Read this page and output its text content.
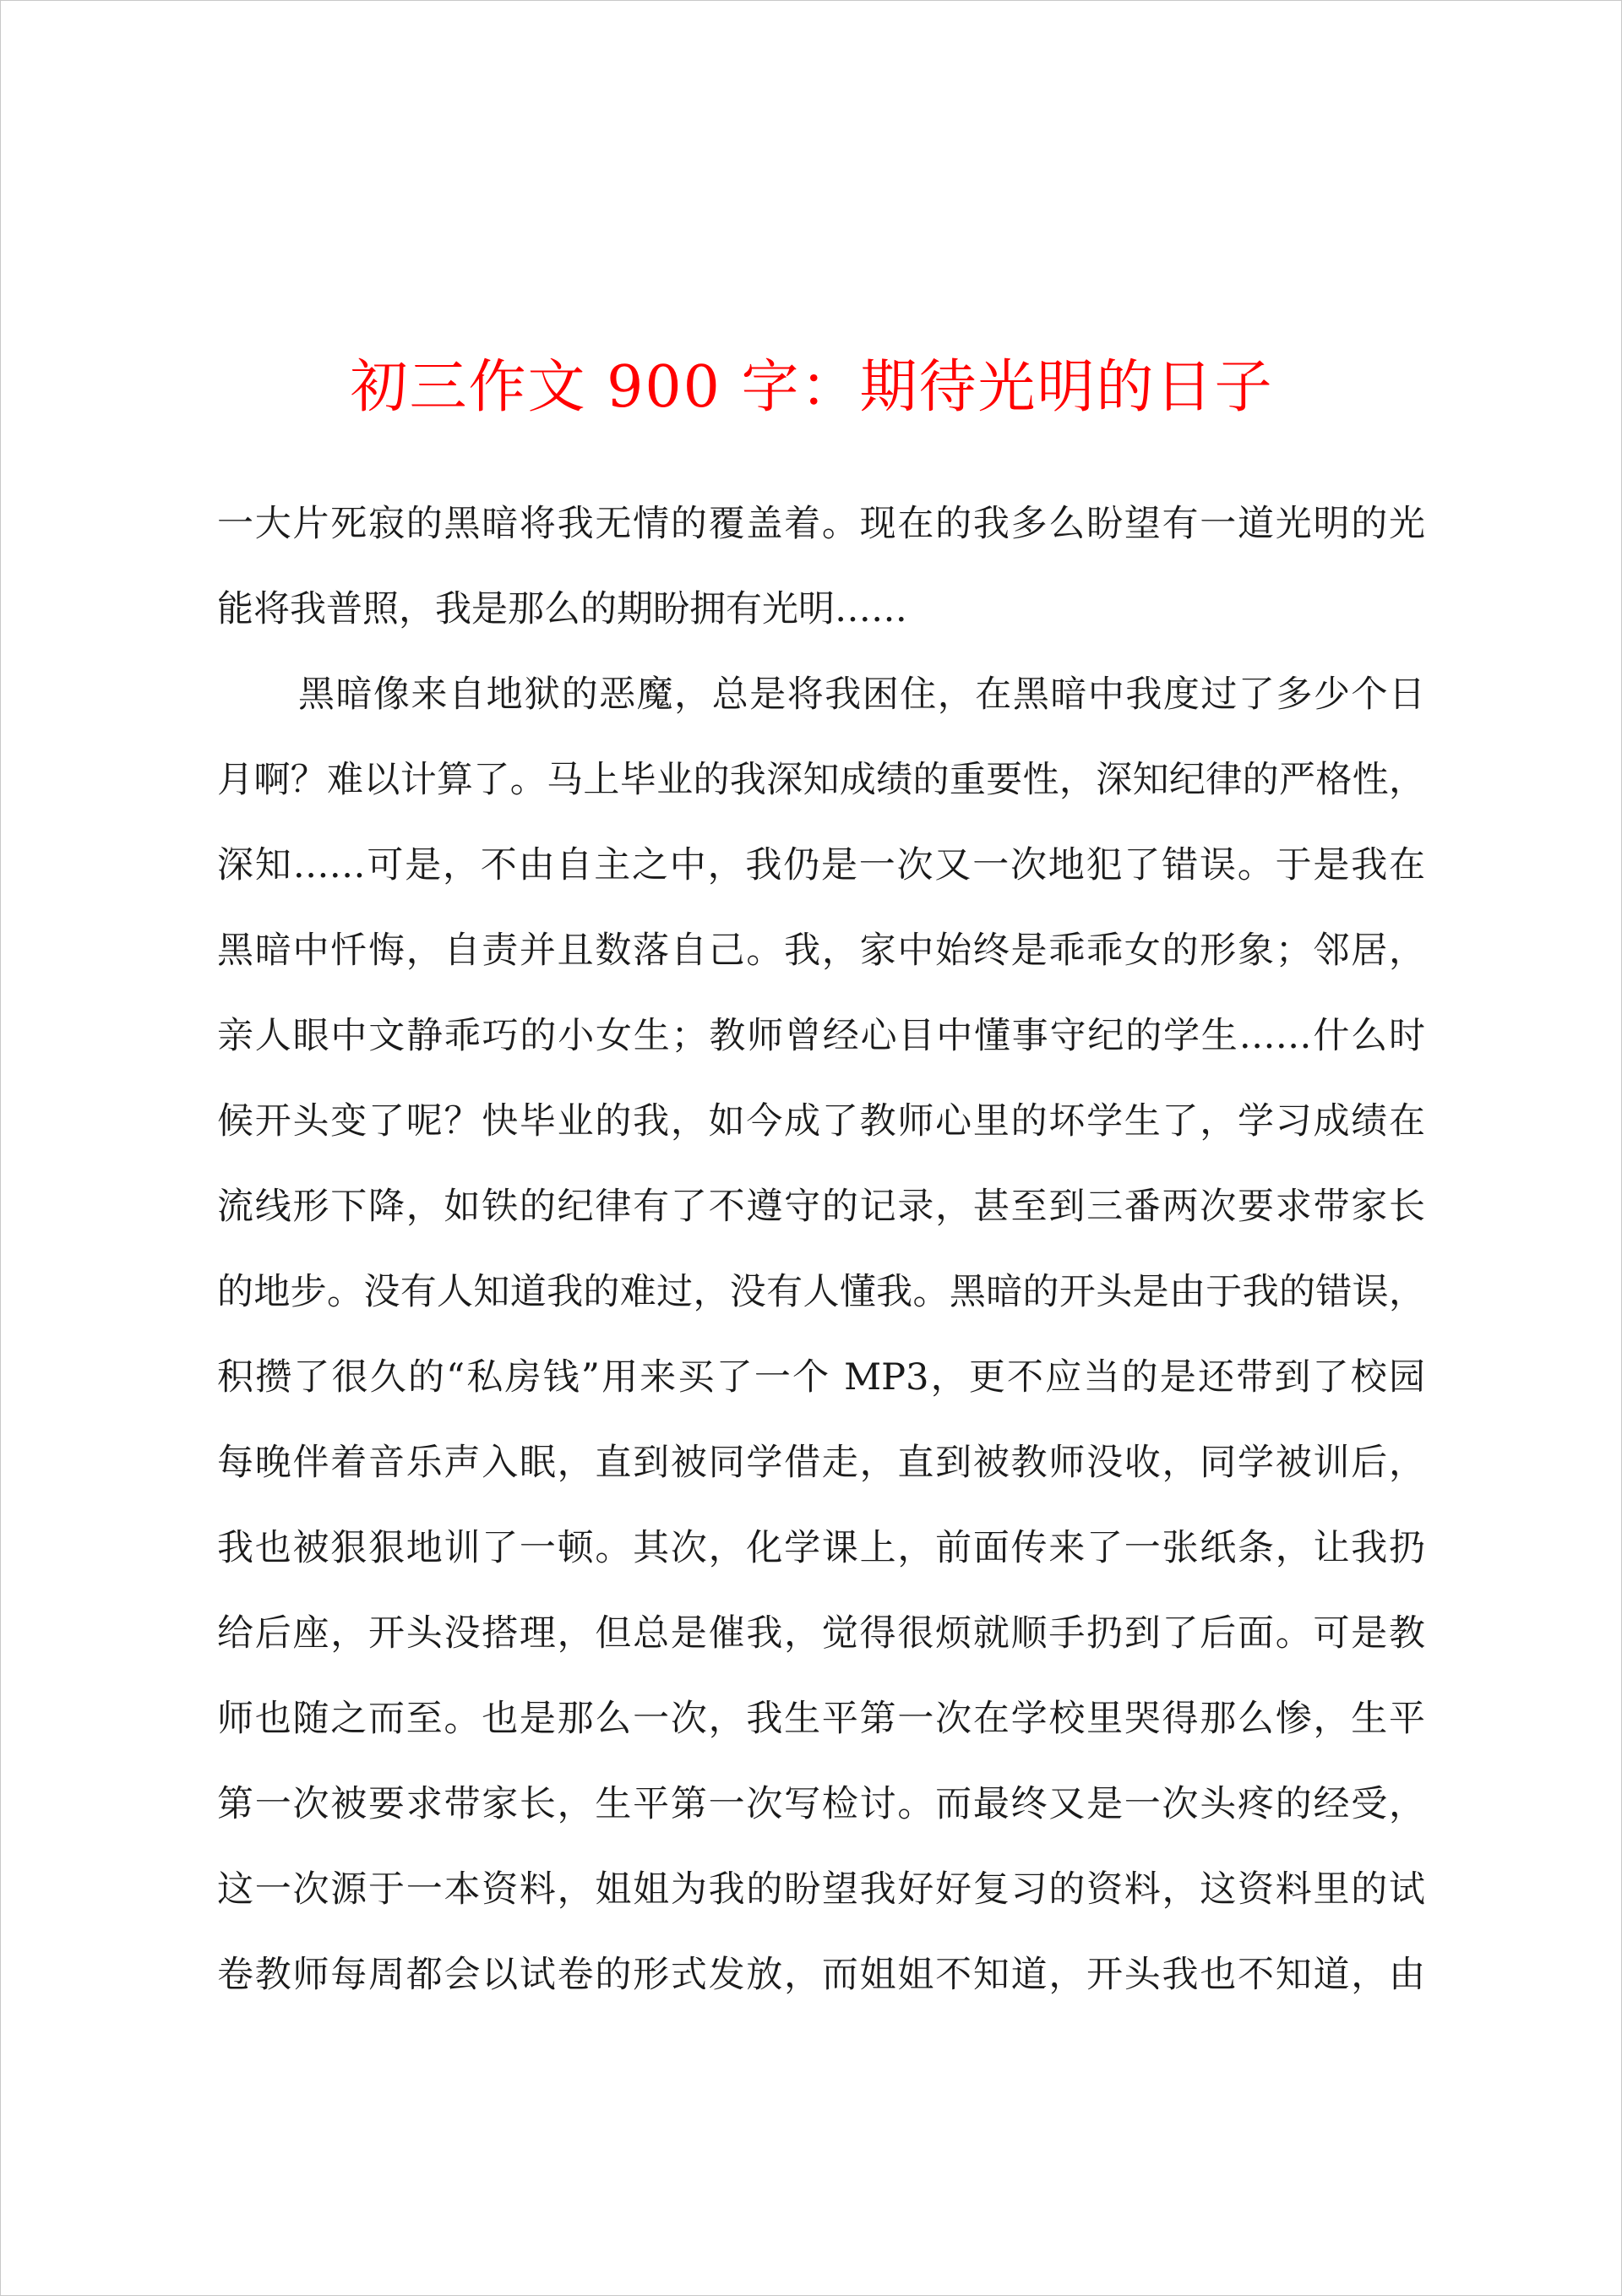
初三作文 900 字：期待光明的日子
一大片死寂的黑暗将我无情的覆盖着。现在的我多么盼望有一道光明的光
能将我普照，我是那么的期盼拥有光明……
黑暗像来自地狱的恶魔，总是将我困住，在黑暗中我度过了多少个日
月啊？难以计算了。马上毕业的我深知成绩的重要性，深知纪律的严格性，
深知……可是，不由自主之中，我仍是一次又一次地犯了错误。于是我在
黑暗中忏悔，自责并且数落自己。我，家中始终是乖乖女的形象；邻居，
亲人眼中文静乖巧的小女生；教师曾经心目中懂事守纪的学生……什么时
候开头变了呢？快毕业的我，如今成了教师心里的坏学生了，学习成绩在
流线形下降，如铁的纪律有了不遵守的记录，甚至到三番两次要求带家长
的地步。没有人知道我的难过，没有人懂我。黑暗的开头是由于我的错误，
积攒了很久的“私房钱”用来买了一个 MP3，更不应当的是还带到了校园
每晚伴着音乐声入眠，直到被同学借走，直到被教师没收，同学被训后，
我也被狠狠地训了一顿。其次，化学课上，前面传来了一张纸条，让我扔
给后座，开头没搭理，但总是催我，觉得很烦就顺手扔到了后面。可是教
师也随之而至。也是那么一次，我生平第一次在学校里哭得那么惨，生平
第一次被要求带家长，生平第一次写检讨。而最终又是一次头疼的经受，
这一次源于一本资料，姐姐为我的盼望我好好复习的资料，这资料里的试
卷教师每周都会以试卷的形式发放，而姐姐不知道，开头我也不知道，由
